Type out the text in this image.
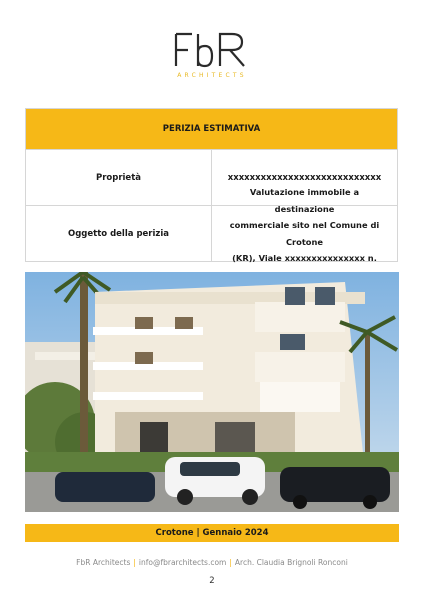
ARCHITECTS
PERIZIA ESTIMATIVA
Proprietà	xxxxxxxxxxxxxxxxxxxxxxxxxxxx
Oggetto della perizia
Valutazione immobile a destinazione
commerciale sito nel Comune di Crotone
(KR), Viale xxxxxxxxxxxxxxx n.
Crotone | Gennaio 2024
FbR Architects | info@fbrarchitects.com | Arch. Claudia Brignoli Ronconi
2
